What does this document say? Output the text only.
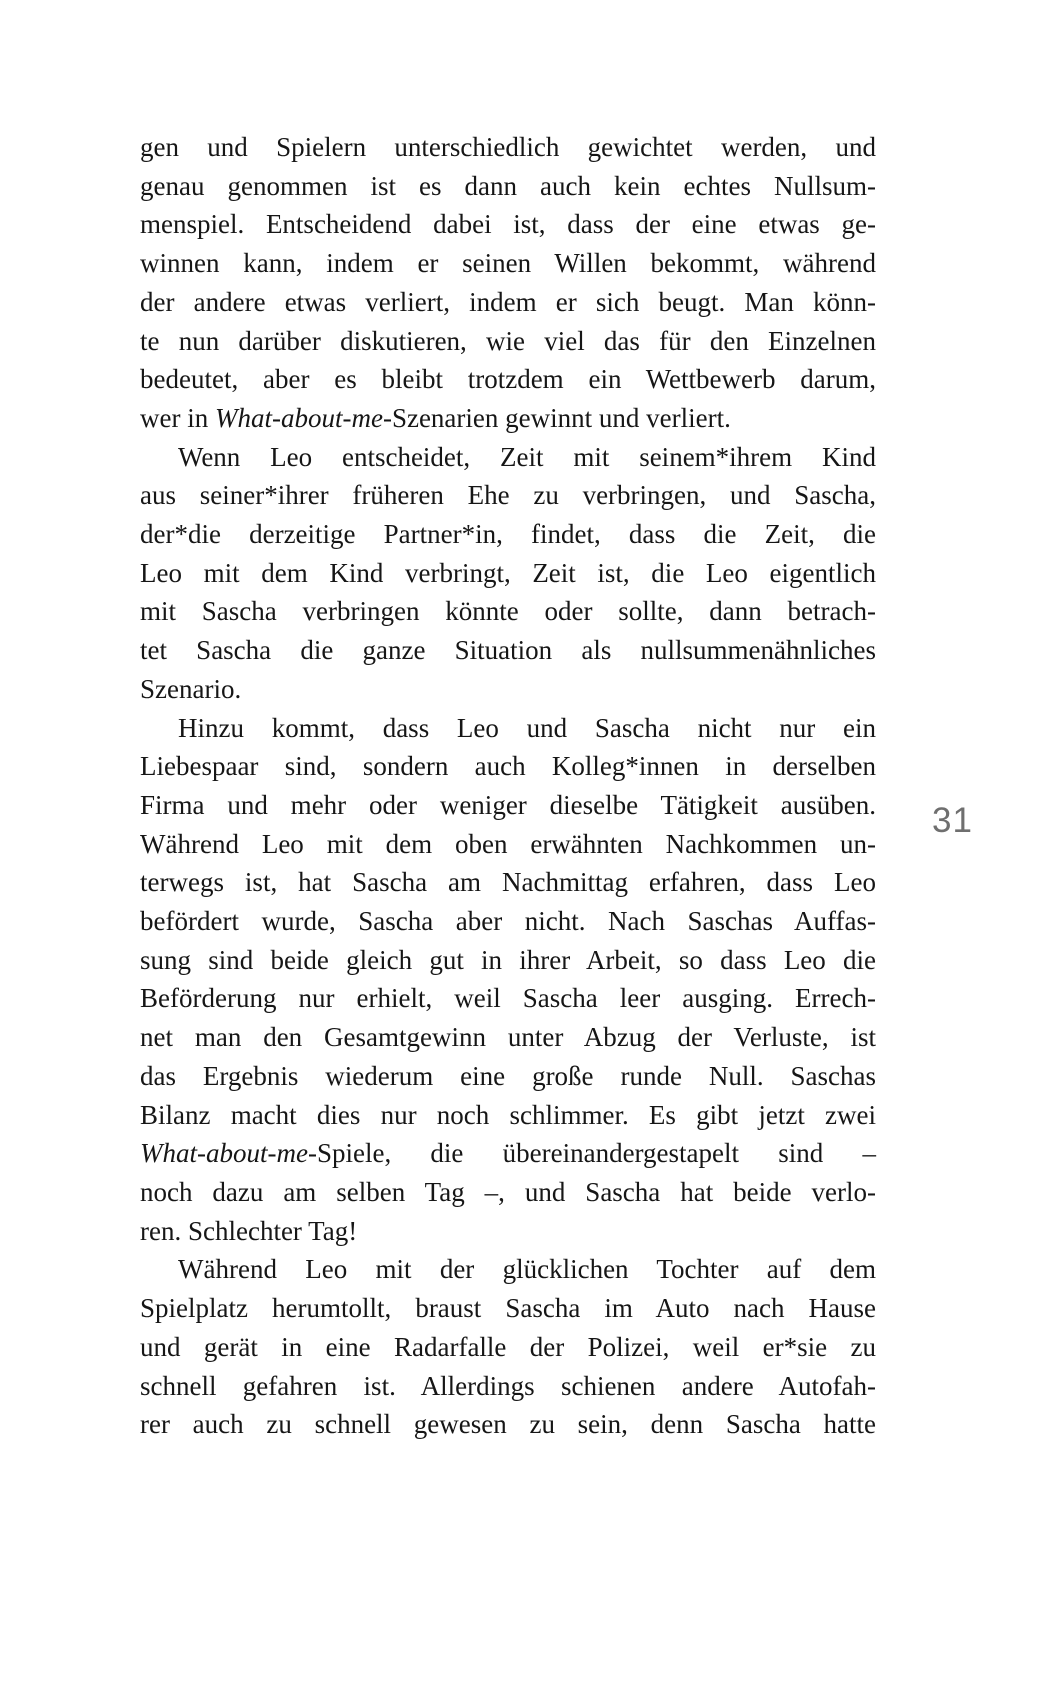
gen und Spielern unterschiedlich gewichtet werden, und
genau genommen ist es dann auch kein echtes Nullsum-
menspiel. Entscheidend dabei ist, dass der eine etwas ge-
winnen kann, indem er seinen Willen bekommt, während
der andere etwas verliert, indem er sich beugt. Man könn-
te nun darüber diskutieren, wie viel das für den Einzelnen
bedeutet, aber es bleibt trotzdem ein Wettbewerb darum,
wer in What-about-me-Szenarien gewinnt und verliert.
Wenn Leo entscheidet, Zeit mit seinem*ihrem Kind
aus seiner*ihrer früheren Ehe zu verbringen, und Sascha,
der*die derzeitige Partner*in, findet, dass die Zeit, die
Leo mit dem Kind verbringt, Zeit ist, die Leo eigentlich
mit Sascha verbringen könnte oder sollte, dann betrach-
tet Sascha die ganze Situation als nullsummenähnliches
Szenario.
Hinzu kommt, dass Leo und Sascha nicht nur ein
Liebespaar sind, sondern auch Kolleg*innen in derselben
Firma und mehr oder weniger dieselbe Tätigkeit ausüben.
Während Leo mit dem oben erwähnten Nachkommen un-
terwegs ist, hat Sascha am Nachmittag erfahren, dass Leo
befördert wurde, Sascha aber nicht. Nach Saschas Auffas-
sung sind beide gleich gut in ihrer Arbeit, so dass Leo die
Beförderung nur erhielt, weil Sascha leer ausging. Errech-
net man den Gesamtgewinn unter Abzug der Verluste, ist
das Ergebnis wiederum eine große runde Null. Saschas
Bilanz macht dies nur noch schlimmer. Es gibt jetzt zwei
What-about-me-Spiele, die übereinandergestapelt sind –
noch dazu am selben Tag –, und Sascha hat beide verlo-
ren. Schlechter Tag!
Während Leo mit der glücklichen Tochter auf dem
Spielplatz herumtollt, braust Sascha im Auto nach Hause
und gerät in eine Radarfalle der Polizei, weil er*sie zu
schnell gefahren ist. Allerdings schienen andere Autofah-
rer auch zu schnell gewesen zu sein, denn Sascha hatte
31
